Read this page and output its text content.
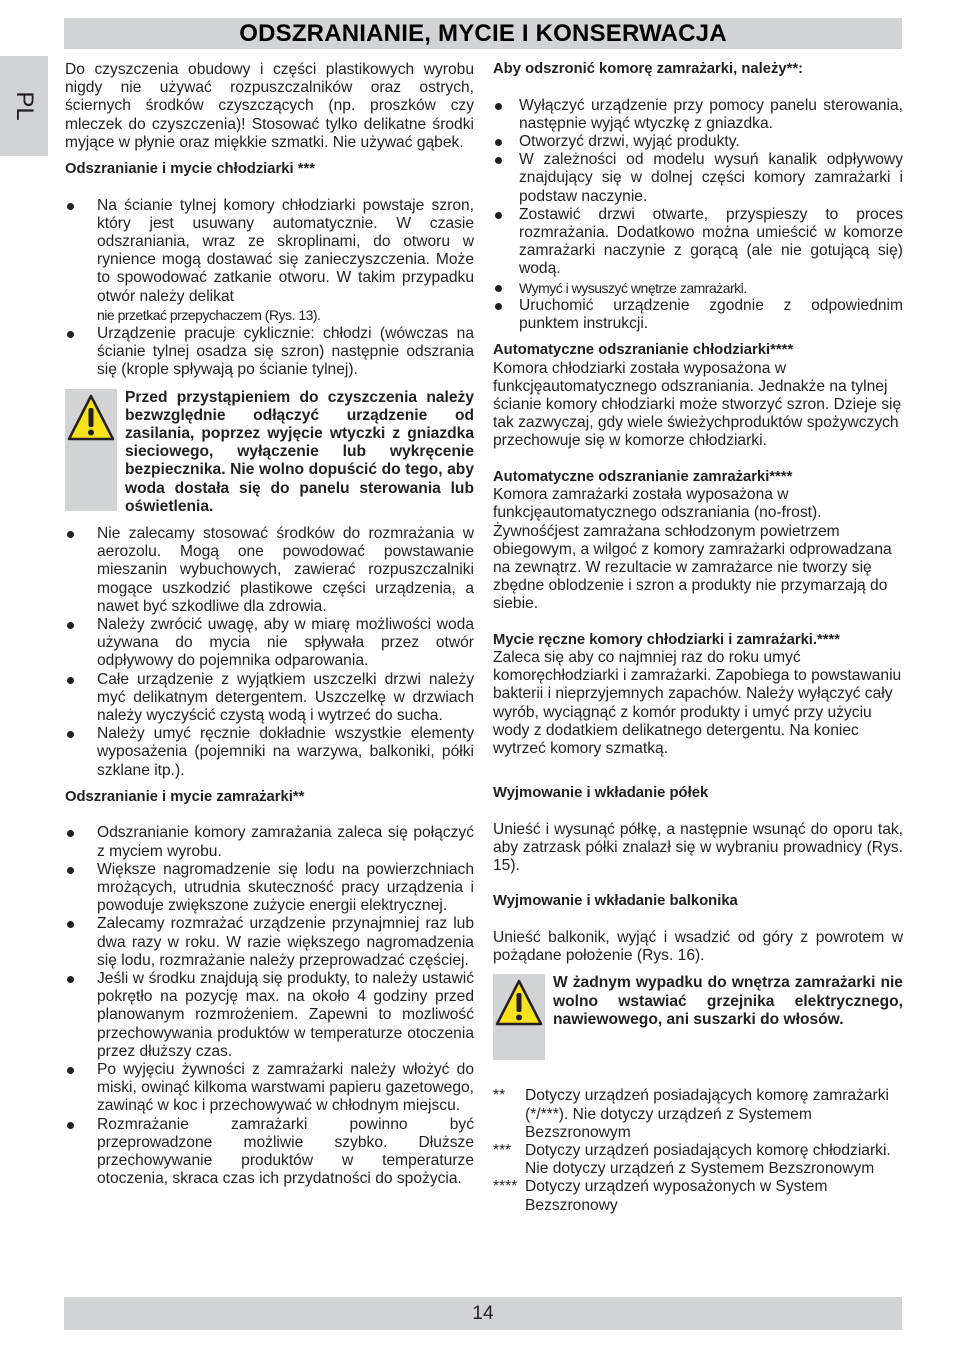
ODSZRANIANIE, MYCIE I KONSERWACJA
PL

Do czyszczenia obudowy i części plastikowych wyrobu nigdy nie używać rozpuszczalników oraz ostrych, ściernych środków czyszczących (np. proszków czy mleczek do czyszczenia)! Stosować tylko delikatne środki myjące w płynie oraz miękkie szmatki. Nie używać gąbek.

Odszranianie i mycie chłodziarki ***

Na ścianie tylnej komory chłodziarki powstaje szron, który jest usuwany automatycznie. W czasie odszraniania, wraz ze skroplinami, do otworu w rynience mogą dostawać się zanieczyszczenia. Może to spowodować zatkanie otworu. W takim przypadku otwór należy delikat
nie przetkać przepychaczem (Rys. 13).
Urządzenie pracuje cyklicznie: chłodzi (wówczas na ścianie tylnej osadza się szron) następnie odszrania się (krople spływają po ścianie tylnej).

Przed przystąpieniem do czyszczenia należy bezwzględnie odłączyć urządzenie od zasilania, poprzez wyjęcie wtyczki z gniazdka sieciowego, wyłączenie lub wykręcenie bezpiecznika. Nie wolno dopuścić do tego, aby woda dostała się do panelu sterowania lub oświetlenia.

Nie zalecamy stosować środków do rozmrażania w aerozolu. Mogą one powodować powstawanie mieszanin wybuchowych, zawierać rozpuszczalniki mogące uszkodzić plastikowe części urządzenia, a nawet być szkodliwe dla zdrowia.
Należy zwrócić uwagę, aby w miarę możliwości woda używana do mycia nie spływała przez otwór odpływowy do pojemnika odparowania.
Całe urządzenie z wyjątkiem uszczelki drzwi należy myć delikatnym detergentem. Uszczelkę w drzwiach należy wyczyścić czystą wodą i wytrzeć do sucha.
Należy umyć ręcznie dokładnie wszystkie elementy wyposażenia (pojemniki na warzywa, balkoniki, półki szklane itp.).

Odszranianie i mycie zamrażarki**

Odszranianie komory zamrażania zaleca się połączyć z myciem wyrobu.
Większe nagromadzenie się lodu na powierzchniach mrożących, utrudnia skuteczność pracy urządzenia i powoduje zwiększone zużycie energii elektrycznej.
Zalecamy rozmrażać urządzenie przynajmniej raz lub dwa razy w roku. W razie większego nagromadzenia się lodu, rozmrażanie należy przeprowadzać częściej.
Jeśli w środku znajdują się produkty, to należy ustawić pokrętło na pozycję max. na około 4 godziny przed planowanym rozmrożeniem. Zapewni to mozliwość przechowywania produktów w temperaturze otoczenia przez dłuższy czas.
Po wyjęciu żywności z zamrażarki należy włożyć do miski, owinąć kilkoma warstwami papieru gazetowego, zawinąć w koc i przechowywać w chłodnym miejscu.
Rozmrażanie zamrażarki powinno być przeprowadzone możliwie szybko. Dłuższe przechowywanie produktów w temperaturze otoczenia, skraca czas ich przydatności do spożycia.

Aby odszronić komorę zamrażarki, należy**:

Wyłączyć urządzenie przy pomocy panelu sterowania, następnie wyjąć wtyczkę z gniazdka.
Otworzyć drzwi, wyjąć produkty.
W zależności od modelu wysuń kanalik odpływowy znajdujący się w dolnej części komory zamrażarki i podstaw naczynie.
Zostawić drzwi otwarte, przyspieszy to proces rozmrażania. Dodatkowo można umieścić w komorze zamrażarki naczynie z gorącą (ale nie gotującą się) wodą.
Wymyć i wysuszyć wnętrze zamrażarki.
Uruchomić urządzenie zgodnie z odpowiednim punktem instrukcji.

Automatyczne odszranianie chłodziarki****

Komora chłodziarki została wyposażona w funkcjęautomatycznego odszraniania. Jednakże na tylnej ścianie komory chłodziarki może stworzyć szron. Dzieje się tak zazwyczaj, gdy wiele świeżychproduktów spożywczych przechowuje się w komorze chłodziarki.

Automatyczne odszranianie zamrażarki****

Komora zamrażarki została wyposażona w funkcjęautomatycznego odszraniania (no-frost). Żywnośćjest zamrażana schłodzonym powietrzem obiegowym, a wilgoć z komory zamrażarki odprowadzana na zewnątrz. W rezultacie w zamrażarce nie tworzy się zbędne oblodzenie i szron a produkty nie przymarzają do siebie.

Mycie ręczne komory chłodziarki i zamrażarki.****

Zaleca się aby co najmniej raz do roku umyć komoręchłodziarki i zamrażarki. Zapobiega to powstawaniu bakterii i nieprzyjemnych zapachów. Należy wyłączyć cały wyrób, wyciągnąć z komór produkty i umyć przy użyciu wody z dodatkiem delikatnego detergentu. Na koniec wytrzeć komory szmatką.

Wyjmowanie i wkładanie półek

Unieść i wysunąć półkę, a następnie wsunąć do oporu tak, aby zatrzask półki znalazł się w wybraniu prowadnicy (Rys. 15).

Wyjmowanie i wkładanie balkonika

Unieść balkonik, wyjąć i wsadzić od góry z powrotem w pożądane położenie (Rys. 16).

W żadnym wypadku do wnętrza zamrażarki nie wolno wstawiać grzejnika elektrycznego, nawiewowego, ani suszarki do włosów.

**	Dotyczy urządzeń posiadających komorę zamrażarki (*/***). Nie dotyczy urządzeń z Systemem Bezszronowym
*** Dotyczy urządzeń posiadających komorę chłodziarki. Nie dotyczy urządzeń z Systemem Bezszronowym
**** Dotyczy urządzeń wyposażonych w System Bezszronowy
14
